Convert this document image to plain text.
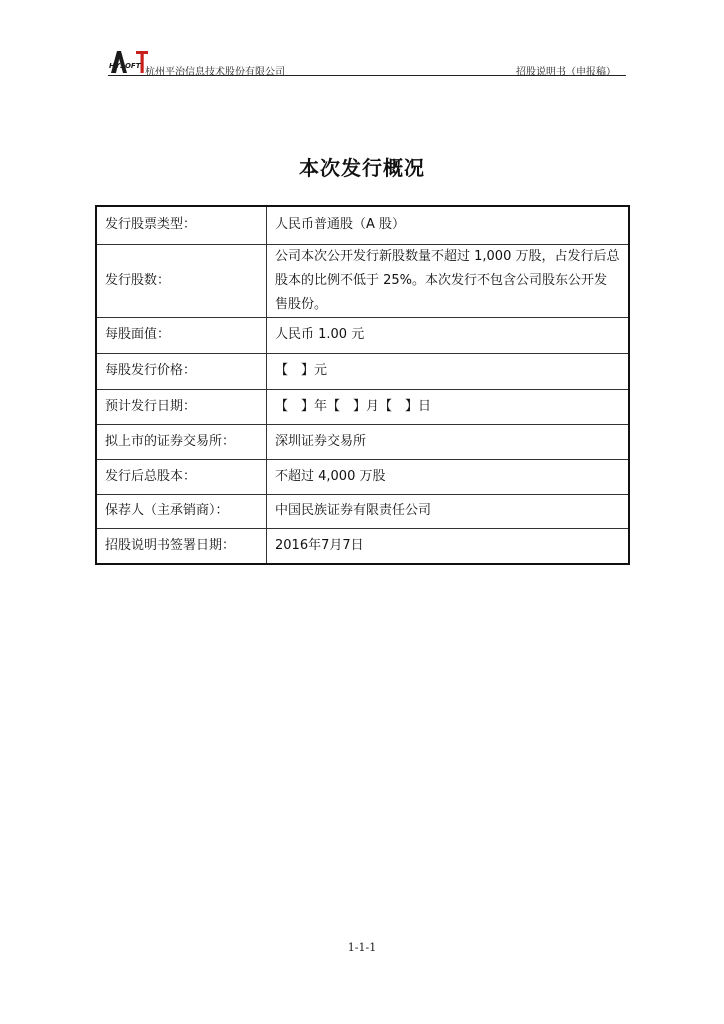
HYSOFT
杭州平治信息技术股份有限公司	招股说明书（申报稿）
本次发行概况
发行股票类型：	人民币普通股（A 股）
发行股数：	公司本次公开发行新股数量不超过 1,000 万股，占发行后总股本的比例不低于 25%。本次发行不包含公司股东公开发售股份。
每股面值：	人民币 1.00 元
每股发行价格：	【　】元
预计发行日期：	【　】年【　】月【　】日
拟上市的证券交易所：	深圳证券交易所
发行后总股本：	不超过 4,000 万股
保荐人（主承销商）：	中国民族证券有限责任公司
招股说明书签署日期：	2016年7月7日
1-1-1
